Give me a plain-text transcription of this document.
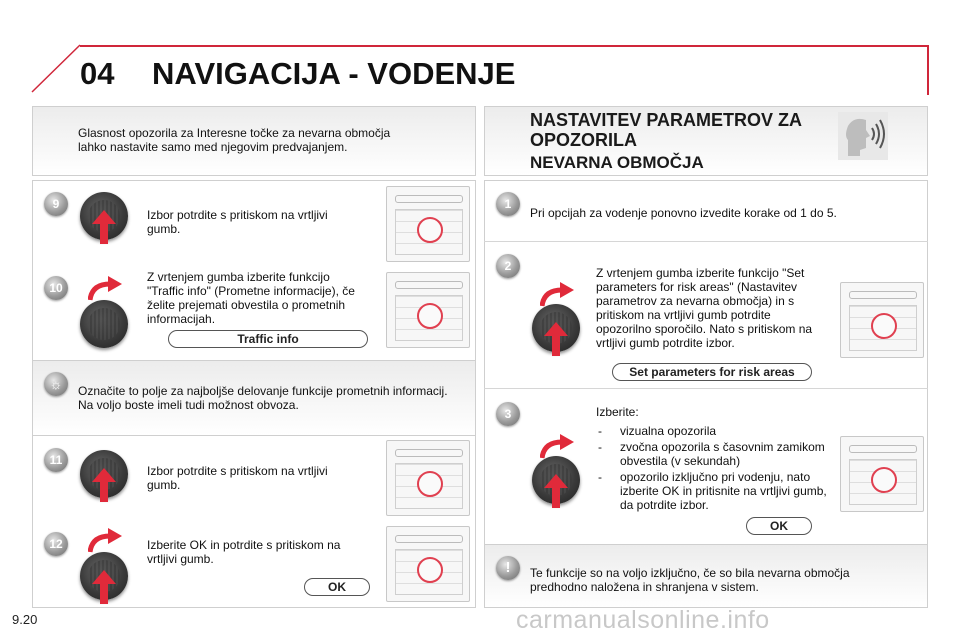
04 NAVIGACIJA - VODENJE
Glasnost opozorila za Interesne točke za nevarna območja lahko nastavite samo med njegovim predvajanjem.
9
Izbor potrdite s pritiskom na vrtljivi gumb.
10
Z vrtenjem gumba izberite funkcijo "Traffic info" (Prometne informacije), če želite prejemati obvestila o prometnih informacijah.
Traffic info
☼	Označite to polje za najboljše delovanje funkcije prometnih informacij. Na voljo boste imeli tudi možnost obvoza.
11
Izbor potrdite s pritiskom na vrtljivi gumb.
12	Izberite OK in potrdite s pritiskom na vrtljivi gumb.
OK
NASTAVITEV PARAMETROV ZA OPOZORILA
NEVARNA OBMOČJA
1
Pri opcijah za vodenje ponovno izvedite korake od 1 do 5.
2	Z vrtenjem gumba izberite funkcijo "Set parameters for risk areas" (Nastavitev parametrov za nevarna območja) in s pritiskom na vrtljivi gumb potrdite opozorilno sporočilo. Nato s pritiskom na vrtljivi gumb potrdite izbor.
Set parameters for risk areas
3	Izberite:
- vizualna opozorila
- zvočna opozorila s časovnim zamikom obvestila (v sekundah)
- opozorilo izključno pri vodenju, nato izberite OK in pritisnite na vrtljivi gumb, da potrdite izbor.
OK
!	Te funkcije so na voljo izključno, če so bila nevarna območja predhodno naložena in shranjena v sistem.
9.20	carmanualsonline.info
